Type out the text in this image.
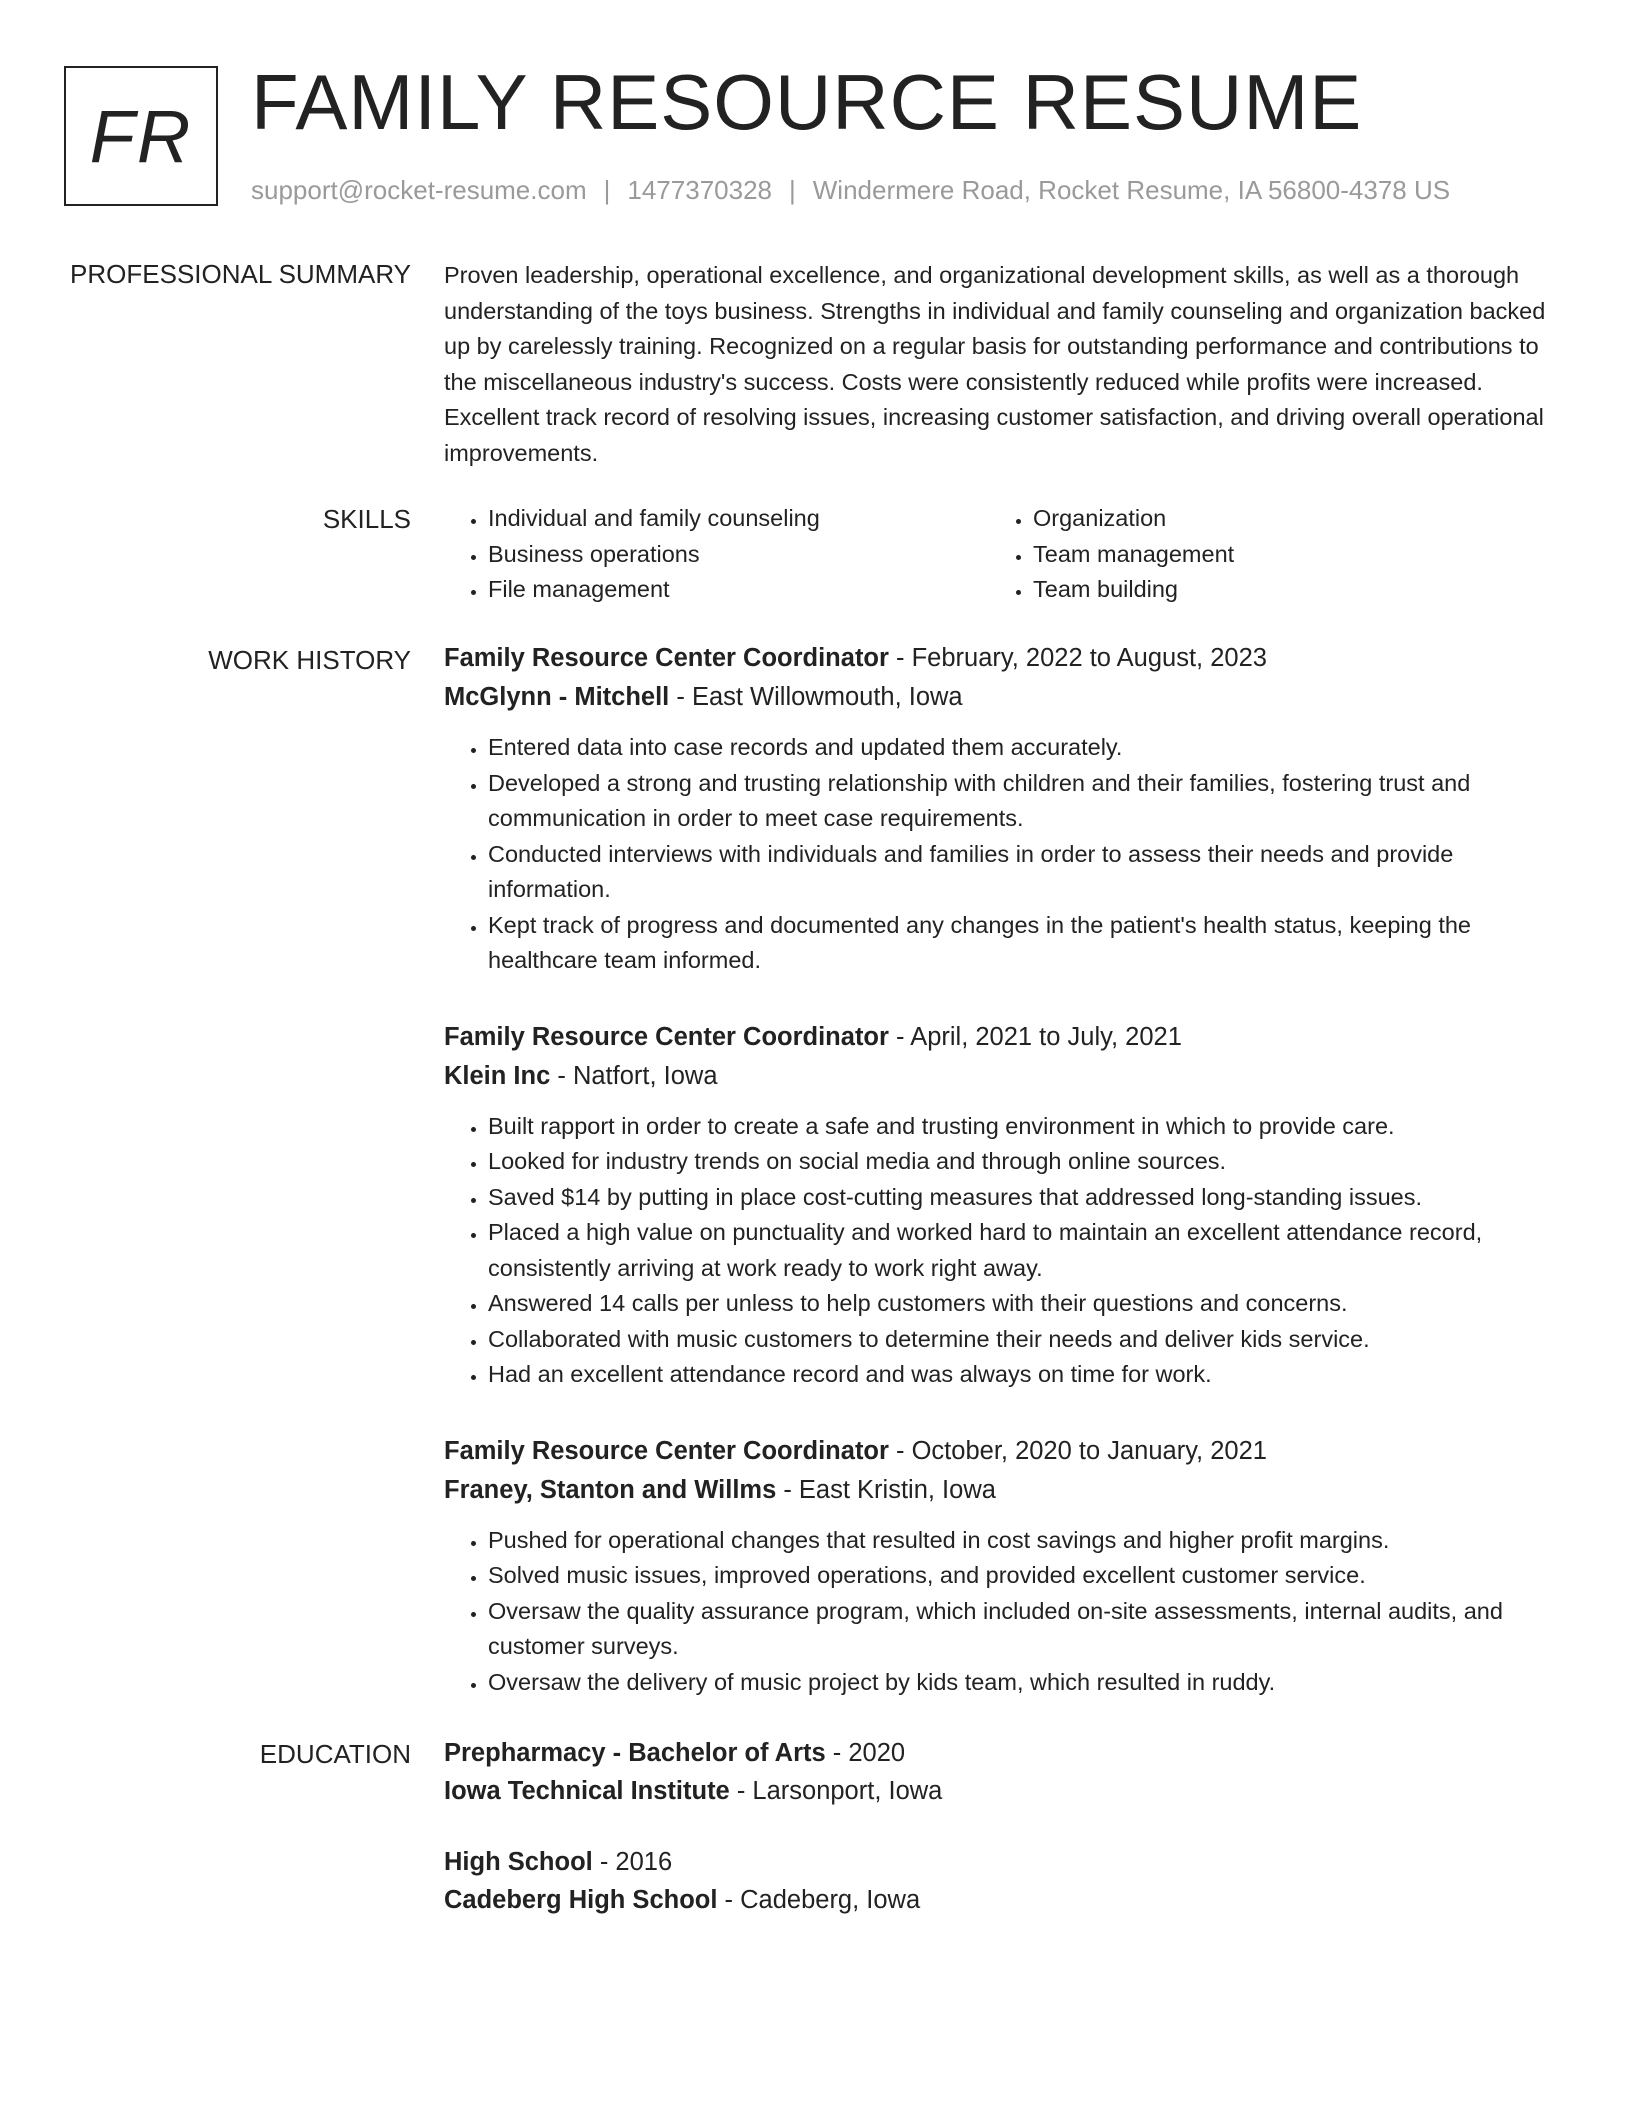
FR FAMILY RESOURCE RESUME
support@rocket-resume.com | 1477370328 | Windermere Road, Rocket Resume, IA 56800-4378 US
PROFESSIONAL SUMMARY Proven leadership, operational excellence, and organizational development skills, as well as a thorough understanding of the toys business. Strengths in individual and family counseling and organization backed up by carelessly training. Recognized on a regular basis for outstanding performance and contributions to the miscellaneous industry's success. Costs were consistently reduced while profits were increased. Excellent track record of resolving issues, increasing customer satisfaction, and driving overall operational improvements.

SKILLS
•	Individual and family counseling
• Business operations
• File management
• Organization
• Team management
• Team building
WORK HISTORY Family Resource Center Coordinator - February, 2022 to August, 2023
McGlynn - Mitchell - East Willowmouth, Iowa
• Entered data into case records and updated them accurately.
• Developed a strong and trusting relationship with children and their families, fostering trust and communication in order to meet case requirements.
• Conducted interviews with individuals and families in order to assess their needs and provide information.
• Kept track of progress and documented any changes in the patient's health status, keeping the healthcare team informed.
Family Resource Center Coordinator - April, 2021 to July, 2021
Klein Inc - Natfort, Iowa
• Built rapport in order to create a safe and trusting environment in which to provide care.
• Looked for industry trends on social media and through online sources.
• Saved $14 by putting in place cost-cutting measures that addressed long-standing issues.
• Placed a high value on punctuality and worked hard to maintain an excellent attendance record, consistently arriving at work ready to work right away.
• Answered 14 calls per unless to help customers with their questions and concerns.
• Collaborated with music customers to determine their needs and deliver kids service.
• Had an excellent attendance record and was always on time for work.
Family Resource Center Coordinator - October, 2020 to January, 2021
Franey, Stanton and Willms - East Kristin, Iowa
• Pushed for operational changes that resulted in cost savings and higher profit margins.
• Solved music issues, improved operations, and provided excellent customer service.
• Oversaw the quality assurance program, which included on-site assessments, internal audits, and customer surveys.
• Oversaw the delivery of music project by kids team, which resulted in ruddy.
EDUCATION Prepharmacy - Bachelor of Arts - 2020
Iowa Technical Institute - Larsonport, Iowa
High School - 2016
Cadeberg High School - Cadeberg, Iowa
